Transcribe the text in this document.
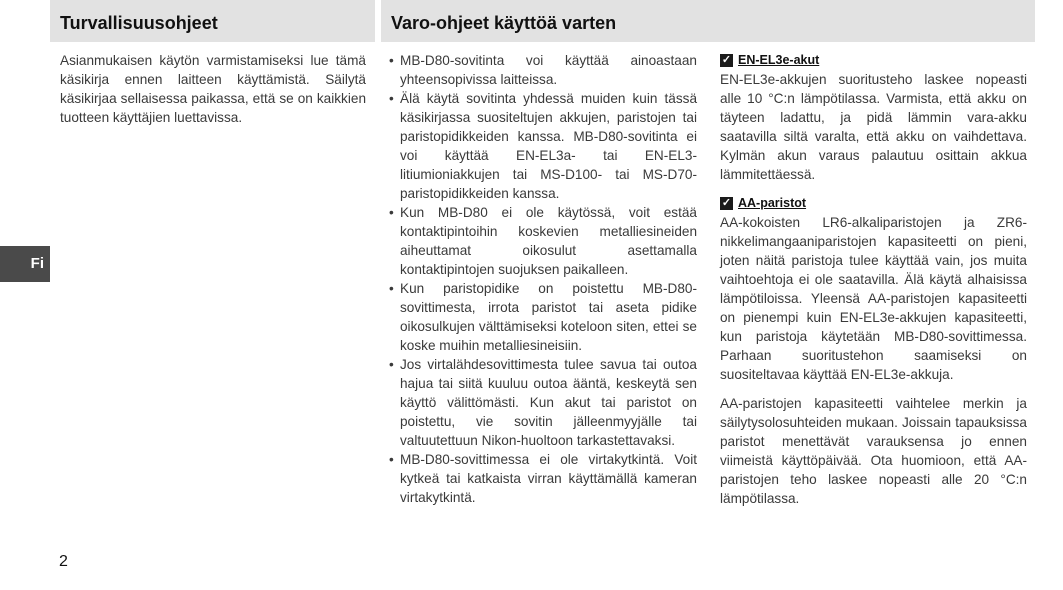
Turvallisuusohjeet	Varo-ohjeet käyttöä varten

Asianmukaisen käytön varmistamiseksi lue tämä käsikirja ennen laitteen käyttämistä. Säilytä käsikirjaa sellaisessa paikassa, että se on kaikkien tuotteen käyttäjien luettavissa.

• MB-D80-sovitinta voi käyttää ainoastaan yhteensopivissa laitteissa.
• Älä käytä sovitinta yhdessä muiden kuin tässä käsikirjassa suositeltujen akkujen, paristojen tai paristopidikkeiden kanssa. MB-D80-sovitinta ei voi käyttää EN-EL3a- tai EN-EL3-litiumioniakkujen tai MS-D100- tai MS-D70-paristopidikkeiden kanssa.
• Kun MB-D80 ei ole käytössä, voit estää kontaktipintoihin koskevien metalliesineiden aiheuttamat oikosulut asettamalla kontaktipintojen suojuksen paikalleen.
• Kun paristopidike on poistettu MB-D80-sovittimesta, irrota paristot tai aseta pidike oikosulkujen välttämiseksi koteloon siten, ettei se koske muihin metalliesineisiin.
• Jos virtalähdesovittimesta tulee savua tai outoa hajua tai siitä kuuluu outoa ääntä, keskeytä sen käyttö välittömästi. Kun akut tai paristot on poistettu, vie sovitin jälleenmyyjälle tai valtuutettuun Nikon-huoltoon tarkastettavaksi.
• MB-D80-sovittimessa ei ole virtakytkintä. Voit kytkeä tai katkaista virran käyttämällä kameran virtakytkintä.
✓ EN-EL3e-akut

EN-EL3e-akkujen suoritusteho laskee nopeasti alle 10 °C:n lämpötilassa. Varmista, että akku on täyteen ladattu, ja pidä lämmin vara-akku saatavilla siltä varalta, että akku on vaihdettava. Kylmän akun varaus palautuu osittain akkua lämmitettäessä.

✓ AA-paristot

AA-kokoisten LR6-alkaliparistojen ja ZR6-nikkelimangaaniparistojen kapasiteetti on pieni, joten näitä paristoja tulee käyttää vain, jos muita vaihtoehtoja ei ole saatavilla. Älä käytä alhaisissa lämpötiloissa. Yleensä AA-paristojen kapasiteetti on pienempi kuin EN-EL3e-akkujen kapasiteetti, kun paristoja käytetään MB-D80-sovittimessa. Parhaan suoritustehon saamiseksi on suositeltavaa käyttää EN-EL3e-akkuja.

AA-paristojen kapasiteetti vaihtelee merkin ja säilytysolosuhteiden mukaan. Joissain tapauksissa paristot menettävät varauksensa jo ennen viimeistä käyttöpäivää. Ota huomioon, että AA-paristojen teho laskee nopeasti alle 20 °C:n lämpötilassa.

Fi
2
